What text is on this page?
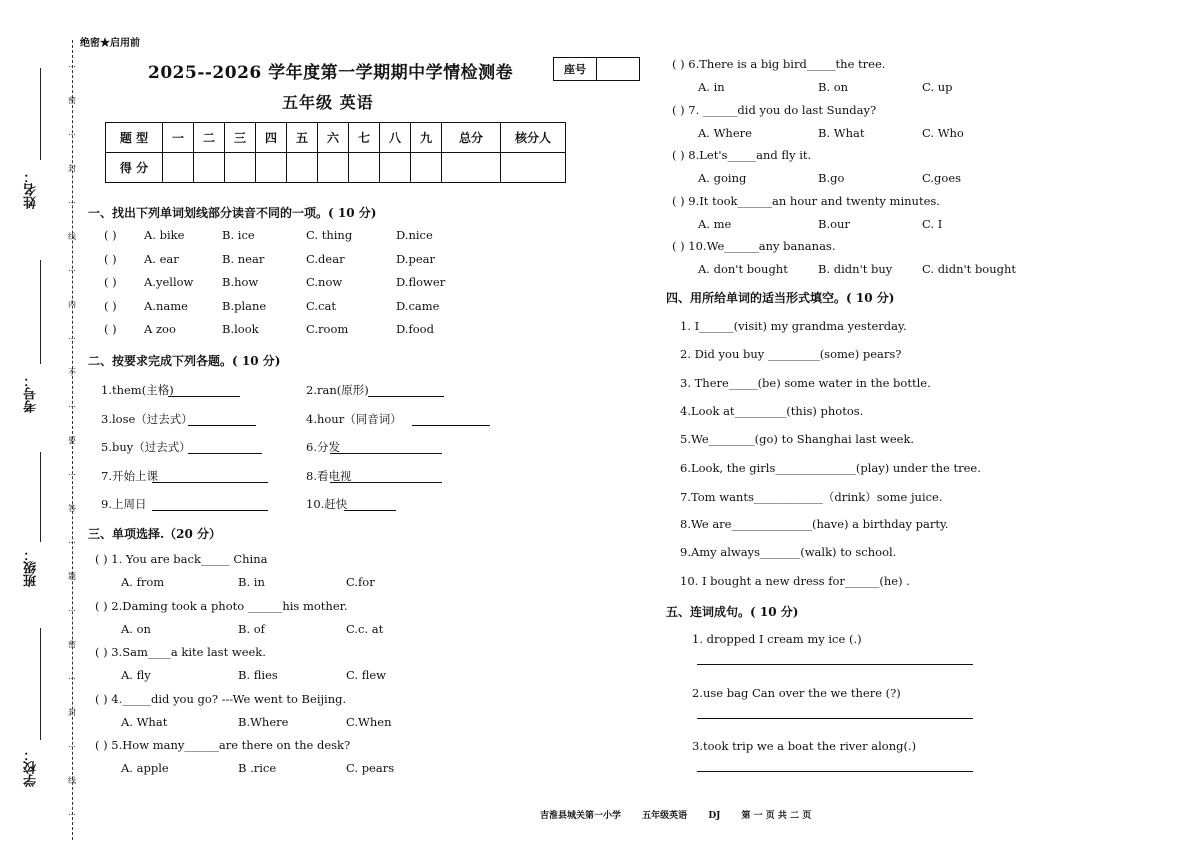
⋯
密
⋯
封
⋯
线
⋯
内
⋯
不
⋯
要
⋯
答
⋯
题
⋯
密
⋯
封
⋯
线
⋯
姓名：
考号：
班级：
学校：
绝密★启用前
2025--2026 学年度第一学期期中学情检测卷	座号
五年级 英语
题 型	一	二	三	四	五	六	七	八	九	总分	核分人
得 分											
一、找出下列单词划线部分读音不同的一项。( 10 分)
二、按要求完成下列各题。( 10 分)
三、单项选择.（20 分）
四、用所给单词的适当形式填空。( 10 分)
五、连词成句。( 10 分)
吉淮县城关第一小学 五年级英语 DJ 第 一 页 共 二 页
( ) A. bike	B. ice	C. thing	D.nice
( ) A. ear	B. near	C.dear	D.pear
( ) A.yellow B.how	C.now	D.flower
( ) A.name	B.plane	C.cat	D.came
( ) A zoo	B.look	C.room	D.food
1.them(主格)	2.ran(原形)
3.lose（过去式）	4.hour（同音词）
5.buy（过去式）	6.分发
7.开始上课	8.看电视
9.上周日	10.赶快
( ) 1. You are back_____ China
A. from	B. in	C.for
( ) 2.Daming took a photo ______his mother.
A. on	B. of	C.c. at
( ) 3.Sam____a kite last week.
A. fly	B. flies	C. flew
( ) 4._____did you go? ---We went to Beijing.
A. What	B.Where	C.When
( ) 5.How many______are there on the desk?
A. apple	B .rice	C. pears
( ) 6.There is a big bird_____the tree.
A. in	B. on	C. up
( ) 7. ______did you do last Sunday?
A. Where	B. What	C. Who
( ) 8.Let's_____and fly it.
A. going	B.go	C.goes
( ) 9.It took______an hour and twenty minutes.
A. me	B.our	C. I
( ) 10.We______any bananas.
A. don't bought	B. didn't buy	C. didn't bought
1. I______(visit) my grandma yesterday.
2. Did you buy _________(some) pears?
3. There_____(be) some water in the bottle.
4.Look at_________(this) photos.
5.We________(go) to Shanghai last week.
6.Look, the girls______________(play) under the tree.
7.Tom wants____________（drink）some juice.
8.We are______________(have) a birthday party.
9.Amy always_______(walk) to school.
10. I bought a new dress for______(he) .
1. dropped I cream my ice (.)
2.use bag Can over the we there (?)
3.took trip we a boat the river along(.)
